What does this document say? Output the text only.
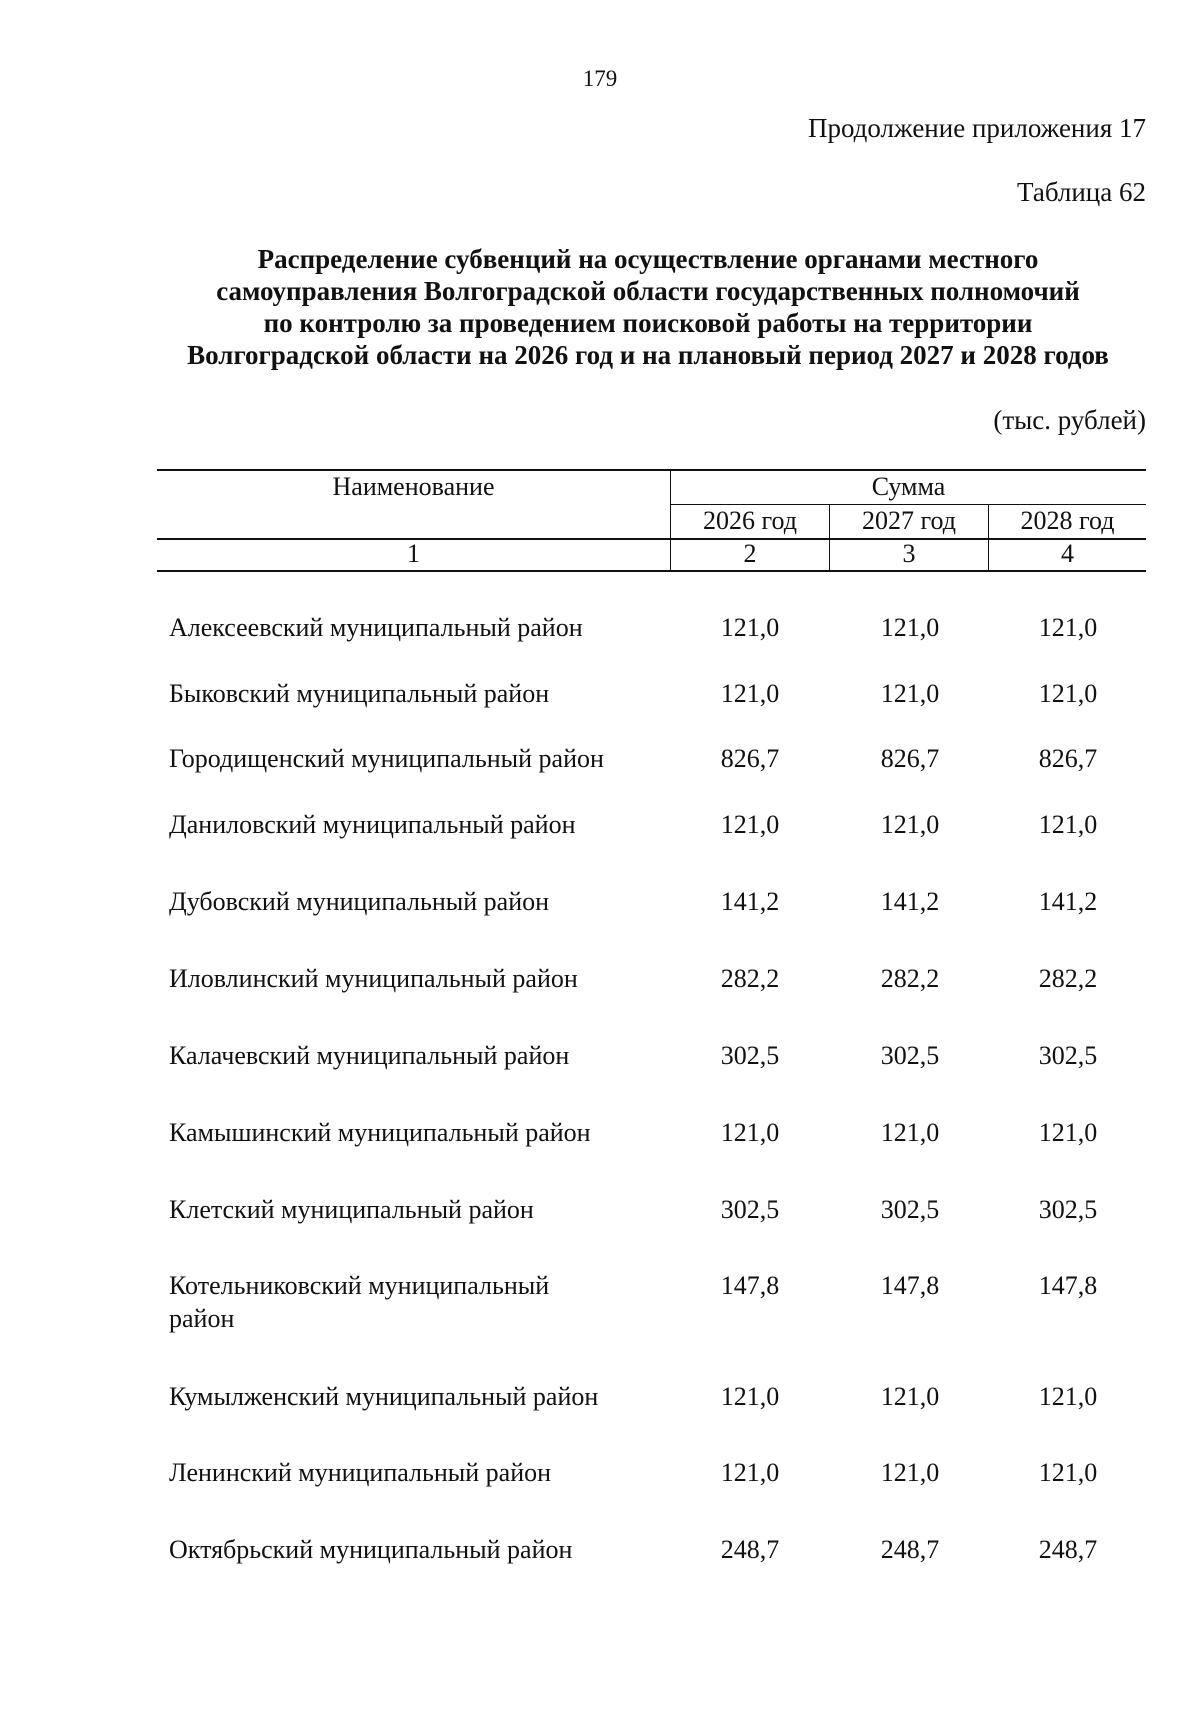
179
Продолжение приложения 17
Таблица 62
Распределение субвенций на осуществление органами местного
самоуправления Волгоградской области государственных полномочий
по контролю за проведением поисковой работы на территории
Волгоградской области на 2026 год и на плановый период 2027 и 2028 годов
(тыс. рублей)
Наименование	Сумма
2026 год	2027 год	2028 год
1	2	3	4
Алексеевский муниципальный район	121,0	121,0	121,0
Быковский муниципальный район	121,0	121,0	121,0
Городищенский муниципальный район	826,7	826,7	826,7
Даниловский муниципальный район	121,0	121,0	121,0
Дубовский муниципальный район	141,2	141,2	141,2
Иловлинский муниципальный район	282,2	282,2	282,2
Калачевский муниципальный район	302,5	302,5	302,5
Камышинский муниципальный район	121,0	121,0	121,0
Клетский муниципальный район	302,5	302,5	302,5
Котельниковский муниципальный
район
147,8	147,8	147,8
Кумылженский муниципальный район	121,0	121,0	121,0
Ленинский муниципальный район	121,0	121,0	121,0
Октябрьский муниципальный район	248,7	248,7	248,7
